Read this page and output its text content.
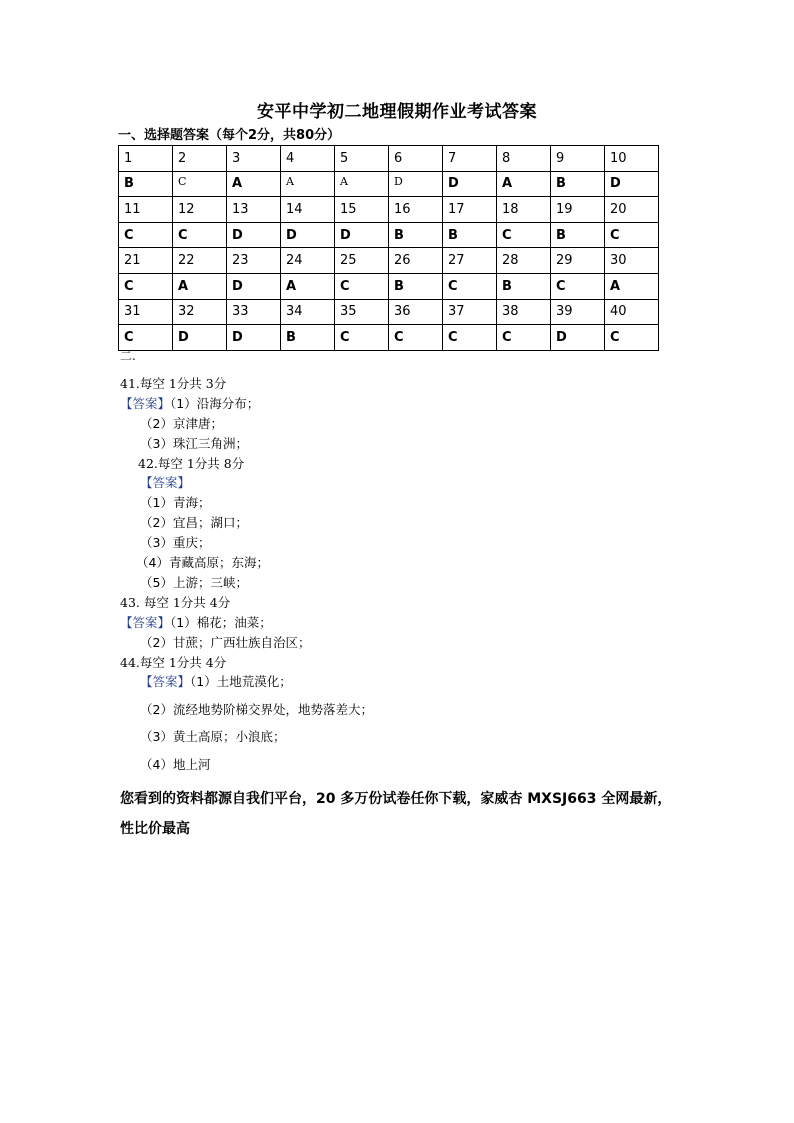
安平中学初二地理假期作业考试答案
一、选择题答案（每个2分，共80分）
1	2	3	4	5	6	7	8	9	10
B	C	A	A	A	D	D	A	B	D
11	12	13	14	15	16	17	18	19	20
C	C	D	D	D	B	B	C	B	C
21	22	23	24	25	26	27	28	29	30
C	A	D	A	C	B	C	B	C	A
31	32	33	34	35	36	37	38	39	40
C	D	D	B	C	C	C	C	D	C
二.
41.每空 1分共 3分
【答案】（1）沿海分布；
（2）京津唐；
（3）珠江三角洲；
42.每空 1分共 8分
【答案】
（1）青海；
（2）宜昌；湖口；
（3）重庆；
（4）青藏高原；东海；
（5）上游；三峡；
43. 每空 1分共 4分
【答案】（1）棉花；油菜；
（2）甘蔗；广西壮族自治区；
44.每空 1分共 4分
【答案】（1）土地荒漠化；
（2）流经地势阶梯交界处，地势落差大；
（3）黄土高原；小浪底；
（4）地上河
您看到的资料都源自我们平台，20 多万份试卷任你下载，家威杏 MXSJ663 全网最新，性比价最高
